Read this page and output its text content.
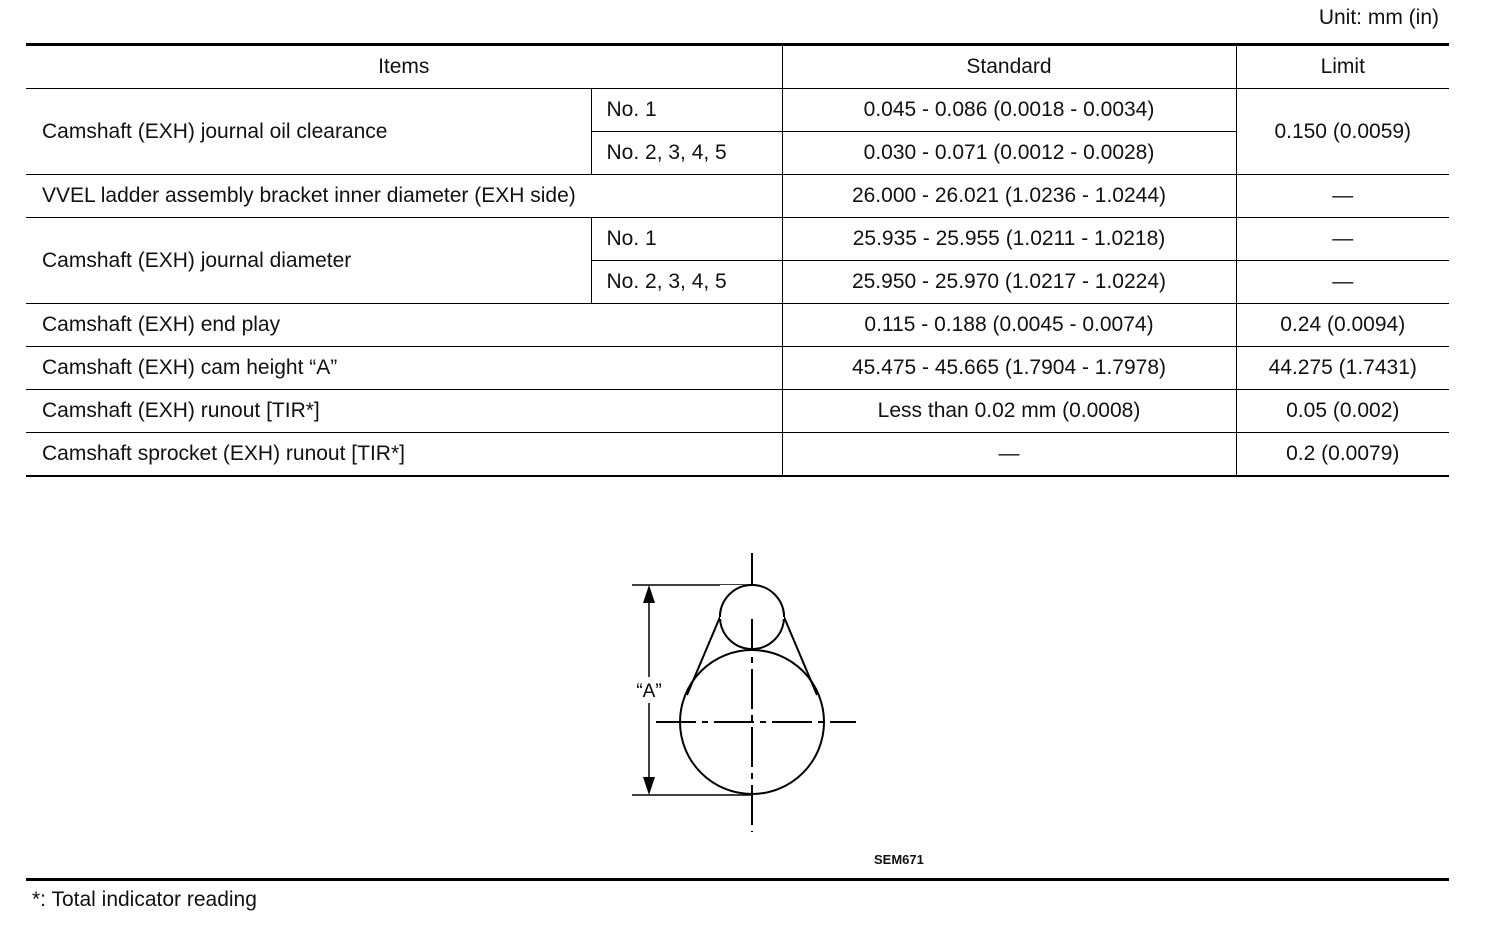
Unit: mm (in)
Items		Standard	Limit
Camshaft (EXH) journal oil clearance	No. 1	0.045 - 0.086 (0.0018 - 0.0034)	0.150 (0.0059)
	No. 2, 3, 4, 5	0.030 - 0.071 (0.0012 - 0.0028)	
VVEL ladder assembly bracket inner diameter (EXH side)		26.000 - 26.021 (1.0236 - 1.0244)	—
Camshaft (EXH) journal diameter	No. 1	25.935 - 25.955 (1.0211 - 1.0218)	—
	No. 2, 3, 4, 5	25.950 - 25.970 (1.0217 - 1.0224)	—
Camshaft (EXH) end play		0.115 - 0.188 (0.0045 - 0.0074)	0.24 (0.0094)
Camshaft (EXH) cam height “A”		45.475 - 45.665 (1.7904 - 1.7978)	44.275 (1.7431)
Camshaft (EXH) runout [TIR*]		Less than 0.02 mm (0.0008)	0.05 (0.002)
Camshaft sprocket (EXH) runout [TIR*]		—	0.2 (0.0079)
“A”
SEM671
*: Total indicator reading
